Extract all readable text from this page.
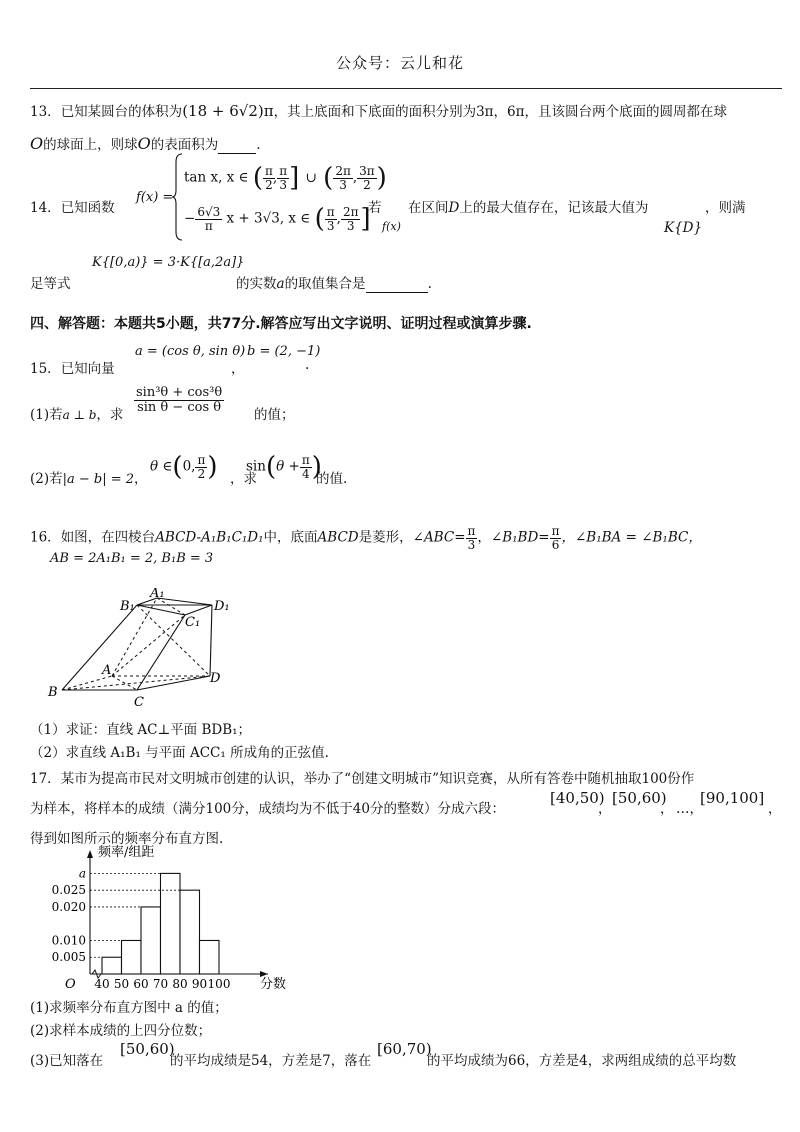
公众号：云儿和花
13．已知某圆台的体积为(18 + 6√2)π，其上底面和下底面的面积分别为3π，6π，且该圆台两个底面的圆周都在球
O的球面上，则球O的表面积为	.
14．已知函数
f(x) =
tan x, x ∈ ( $\frac{\pi}{2}$
, $\frac{\pi}{3}$ ] ∪ ( $\frac{2\pi}{3}$ , $\frac{3\pi}{2}$ )
− $\frac{6√3}{\pi}$ x + 3√3, x ∈ ( $\frac{\pi}{3}$ , $\frac{2\pi}{3}$ ]
若
f(x)
在区间D上的最大值存在，记该最大值为	，则满
K{D}
K{[0,a)} = 3·K{[a,2a]}
足等式	的实数a的取值集合是	.
四、解答题：本题共5小题，共77分.解答应写出文字说明、证明过程或演算步骤.
15．已知向量
a = (cos θ, sin θ)
，
b = (2, −1)
.
(1)若a ⊥ b，求
$\frac{\text{sin³θ + cos³θ}}{\text{sin θ − cos θ}}$
的值；
(2)若|a − b| = 2，
θ ∈(0, $\frac{\pi}{2}$ ) ，求
$\sin(\theta + \frac{\pi}{4}$ )
的值.
16．如图，在四棱台ABCD-A₁B₁C₁D₁中，底面ABCD是菱形，∠ABC= $\frac{\pi}{3}$ ，∠B₁BD= $\frac{\pi}{6}$ ，∠B₁BA = ∠B₁BC，
AB = 2A₁B₁ = 2, B₁B = 3
B₁
A₁
D₁
C₁
A
B
C
D
（1）求证：直线 AC⊥平面 BDB₁；
（2）求直线 A₁B₁ 与平面 ACC₁ 所成角的正弦值.
17．某市为提高市民对文明城市创建的认识，举办了“创建文明城市”知识竞赛，从所有答卷中随机抽取100份作
为样本，将样本的成绩（满分100分，成绩均为不低于40分的整数）分成六段：
[40,50)
，
[50,60)
， …，
[90,100]
，
得到如图所示的频率分布直方图.
频率/组距
分数
O
a
0.025
0.020
0.010
0.005
40 50 60 70 80 90 100
(1)求频率分布直方图中 a 的值；
(2)求样本成绩的上四分位数；
(3)已知落在
[50,60)
的平均成绩是54，方差是7，落在
[60,70)
的平均成绩为66，方差是4，求两组成绩的总平均数
